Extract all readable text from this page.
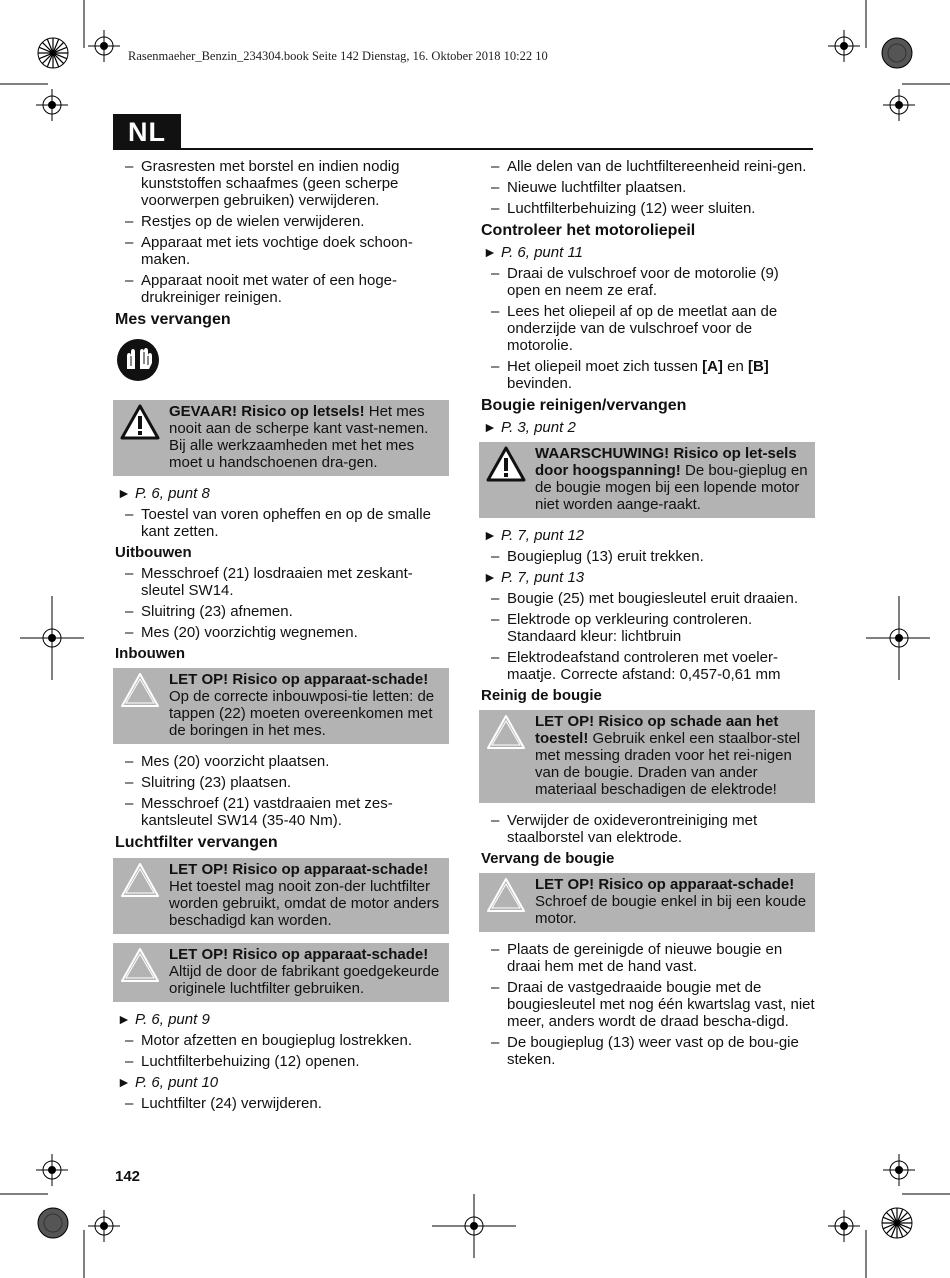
Rasenmaeher_Benzin_234304.book Seite 142 Dienstag, 16. Oktober 2018 10:22 10
NL
– Grasresten met borstel en indien nodig kunststoffen schaafmes (geen scherpe voorwerpen gebruiken) verwijderen.
– Restjes op de wielen verwijderen.
– Apparaat met iets vochtige doek schoon-maken.
– Apparaat nooit met water of een hoge-drukreiniger reinigen.
Mes vervangen
GEVAAR! Risico op letsels! Het mes nooit aan de scherpe kant vast-nemen. Bij alle werkzaamheden met het mes moet u handschoenen dra-gen.
► P. 6, punt 8
– Toestel van voren opheffen en op de smalle kant zetten.
Uitbouwen
– Messchroef (21) losdraaien met zeskant-sleutel SW14.
– Sluitring (23) afnemen.
– Mes (20) voorzichtig wegnemen.
Inbouwen
LET OP! Risico op apparaat-schade! Op de correcte inbouwposi-tie letten: de tappen (22) moeten overeenkomen met de boringen in het mes.
– Mes (20) voorzicht plaatsen.
– Sluitring (23) plaatsen.
– Messchroef (21) vastdraaien met zes-kantsleutel SW14 (35-40 Nm).
Luchtfilter vervangen
LET OP! Risico op apparaat-schade! Het toestel mag nooit zon-der luchtfilter worden gebruikt, omdat de motor anders beschadigd kan worden.
LET OP! Risico op apparaat-schade! Altijd de door de fabrikant goedgekeurde originele luchtfilter gebruiken.
► P. 6, punt 9
– Motor afzetten en bougieplug lostrekken.
– Luchtfilterbehuizing (12) openen.
► P. 6, punt 10
– Luchtfilter (24) verwijderen.
– Alle delen van de luchtfiltereenheid reini-gen.
– Nieuwe luchtfilter plaatsen.
– Luchtfilterbehuizing (12) weer sluiten.
Controleer het motoroliepeil
► P. 6, punt 11
– Draai de vulschroef voor de motorolie (9) open en neem ze eraf.
– Lees het oliepeil af op de meetlat aan de onderzijde van de vulschroef voor de motorolie.
– Het oliepeil moet zich tussen [A] en [B] bevinden.
Bougie reinigen/vervangen
► P. 3, punt 2
WAARSCHUWING! Risico op let-sels door hoogspanning! De bou-gieplug en de bougie mogen bij een lopende motor niet worden aange-raakt.
► P. 7, punt 12
– Bougieplug (13) eruit trekken.
► P. 7, punt 13
– Bougie (25) met bougiesleutel eruit draaien.
– Elektrode op verkleuring controleren. Standaard kleur: lichtbruin
– Elektrodeafstand controleren met voeler-maatje. Correcte afstand: 0,457-0,61 mm
Reinig de bougie
LET OP! Risico op schade aan het toestel! Gebruik enkel een staalbor-stel met messing draden voor het rei-nigen van de bougie. Draden van ander materiaal beschadigen de elektrode!
– Verwijder de oxideverontreiniging met staalborstel van elektrode.
Vervang de bougie
LET OP! Risico op apparaat-schade! Schroef de bougie enkel in bij een koude motor.
– Plaats de gereinigde of nieuwe bougie en draai hem met de hand vast.
– Draai de vastgedraaide bougie met de bougiesleutel met nog één kwartslag vast, niet meer, anders wordt de draad bescha-digd.
– De bougieplug (13) weer vast op de bou-gie steken.
142
